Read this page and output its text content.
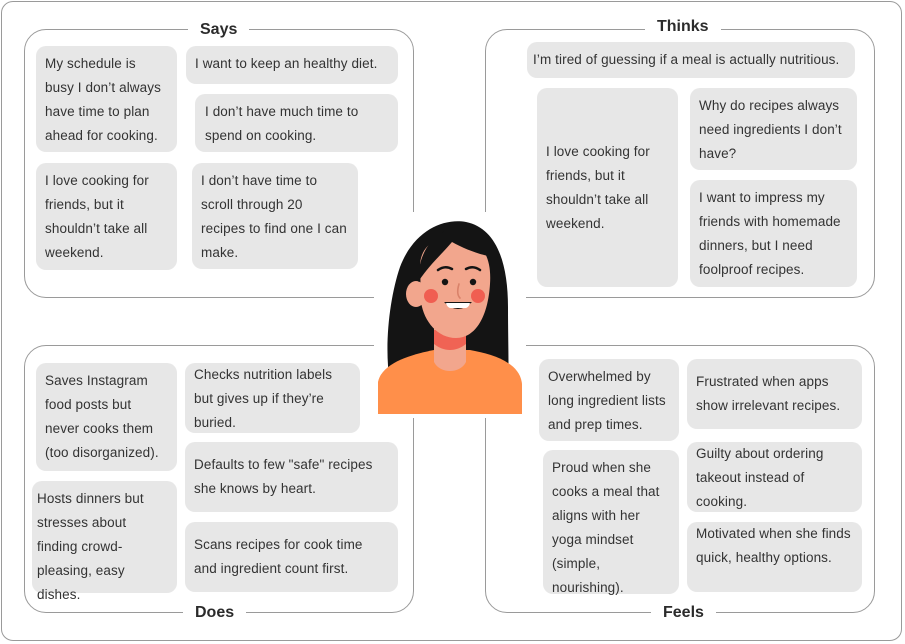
Says
My schedule is busy I don’t always have time to plan ahead for cooking.
I want to keep an healthy diet.
I don’t have much time to spend on cooking.
I love cooking for friends, but it shouldn’t take all weekend.
I don’t have time to scroll through 20 recipes to find one I can make.
Thinks
I’m tired of guessing if a meal is actually nutritious.
I love cooking for friends, but it shouldn’t take all weekend.
Why do recipes always need ingredients I don’t have?
I want to impress my friends with homemade dinners, but I need foolproof recipes.
Does
Saves Instagram food posts but never cooks them (too disorganized).
Checks nutrition labels but gives up if they’re buried.
Defaults to few "safe" recipes she knows by heart.
Hosts dinners but stresses about finding crowd-pleasing, easy dishes.
Scans recipes for cook time and ingredient count first.
Feels
Overwhelmed by long ingredient lists and prep times.
Frustrated when apps show irrelevant recipes.
Proud when she cooks a meal that aligns with her yoga mindset (simple, nourishing).
Guilty about ordering takeout instead of cooking.
Motivated when she finds quick, healthy options.
